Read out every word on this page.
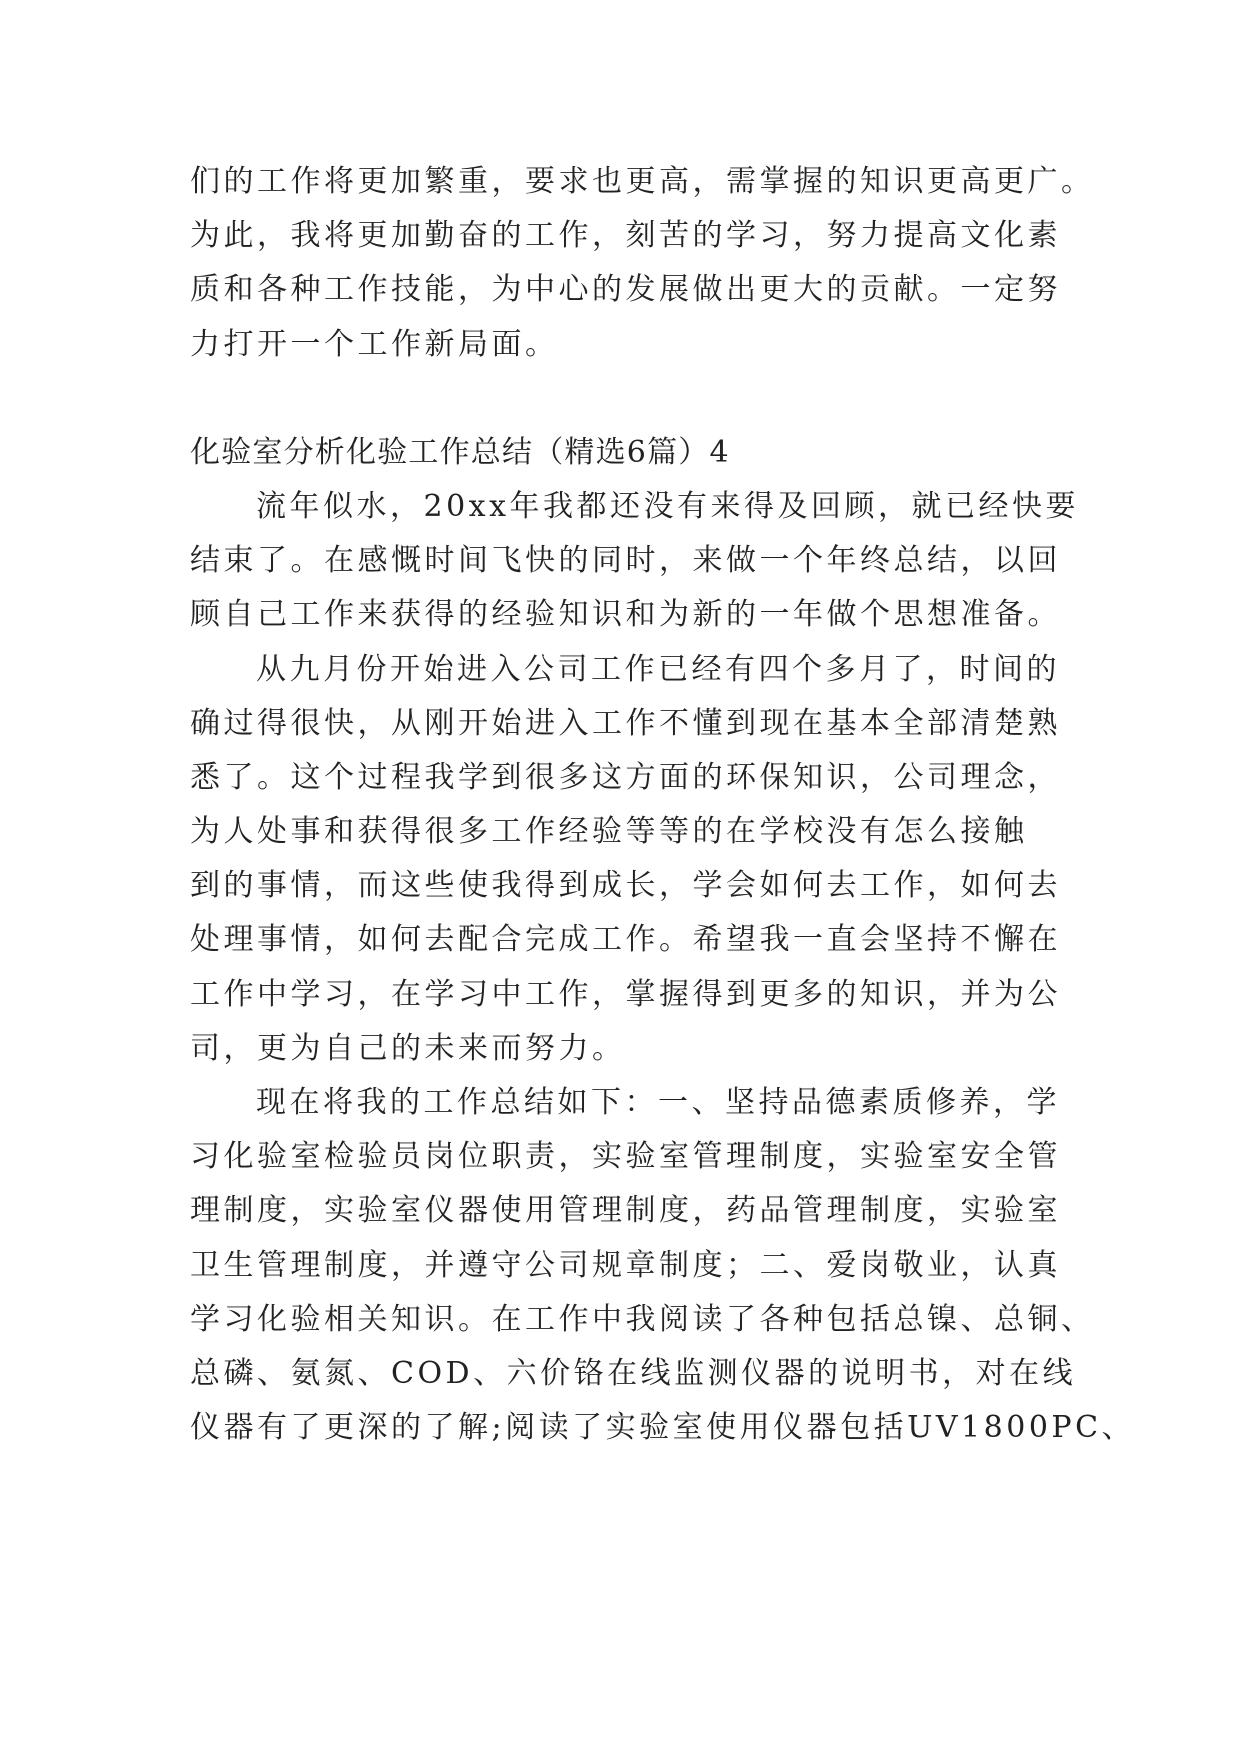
们的工作将更加繁重，要求也更高，需掌握的知识更高更广。
为此，我将更加勤奋的工作，刻苦的学习，努力提高文化素
质和各种工作技能，为中心的发展做出更大的贡献。一定努
力打开一个工作新局面。
化验室分析化验工作总结（精选6篇）4
流年似水，20xx年我都还没有来得及回顾，就已经快要
结束了。在感慨时间飞快的同时，来做一个年终总结，以回
顾自己工作来获得的经验知识和为新的一年做个思想准备。
从九月份开始进入公司工作已经有四个多月了，时间的
确过得很快，从刚开始进入工作不懂到现在基本全部清楚熟
悉了。这个过程我学到很多这方面的环保知识，公司理念，
为人处事和获得很多工作经验等等的在学校没有怎么接触
到的事情，而这些使我得到成长，学会如何去工作，如何去
处理事情，如何去配合完成工作。希望我一直会坚持不懈在
工作中学习，在学习中工作，掌握得到更多的知识，并为公
司，更为自己的未来而努力。
现在将我的工作总结如下：一、坚持品德素质修养，学
习化验室检验员岗位职责，实验室管理制度，实验室安全管
理制度，实验室仪器使用管理制度，药品管理制度，实验室
卫生管理制度，并遵守公司规章制度；二、爱岗敬业，认真
学习化验相关知识。在工作中我阅读了各种包括总镍、总铜、
总磷、氨氮、COD、六价铬在线监测仪器的说明书，对在线
仪器有了更深的了解;阅读了实验室使用仪器包括UV1800PC、
